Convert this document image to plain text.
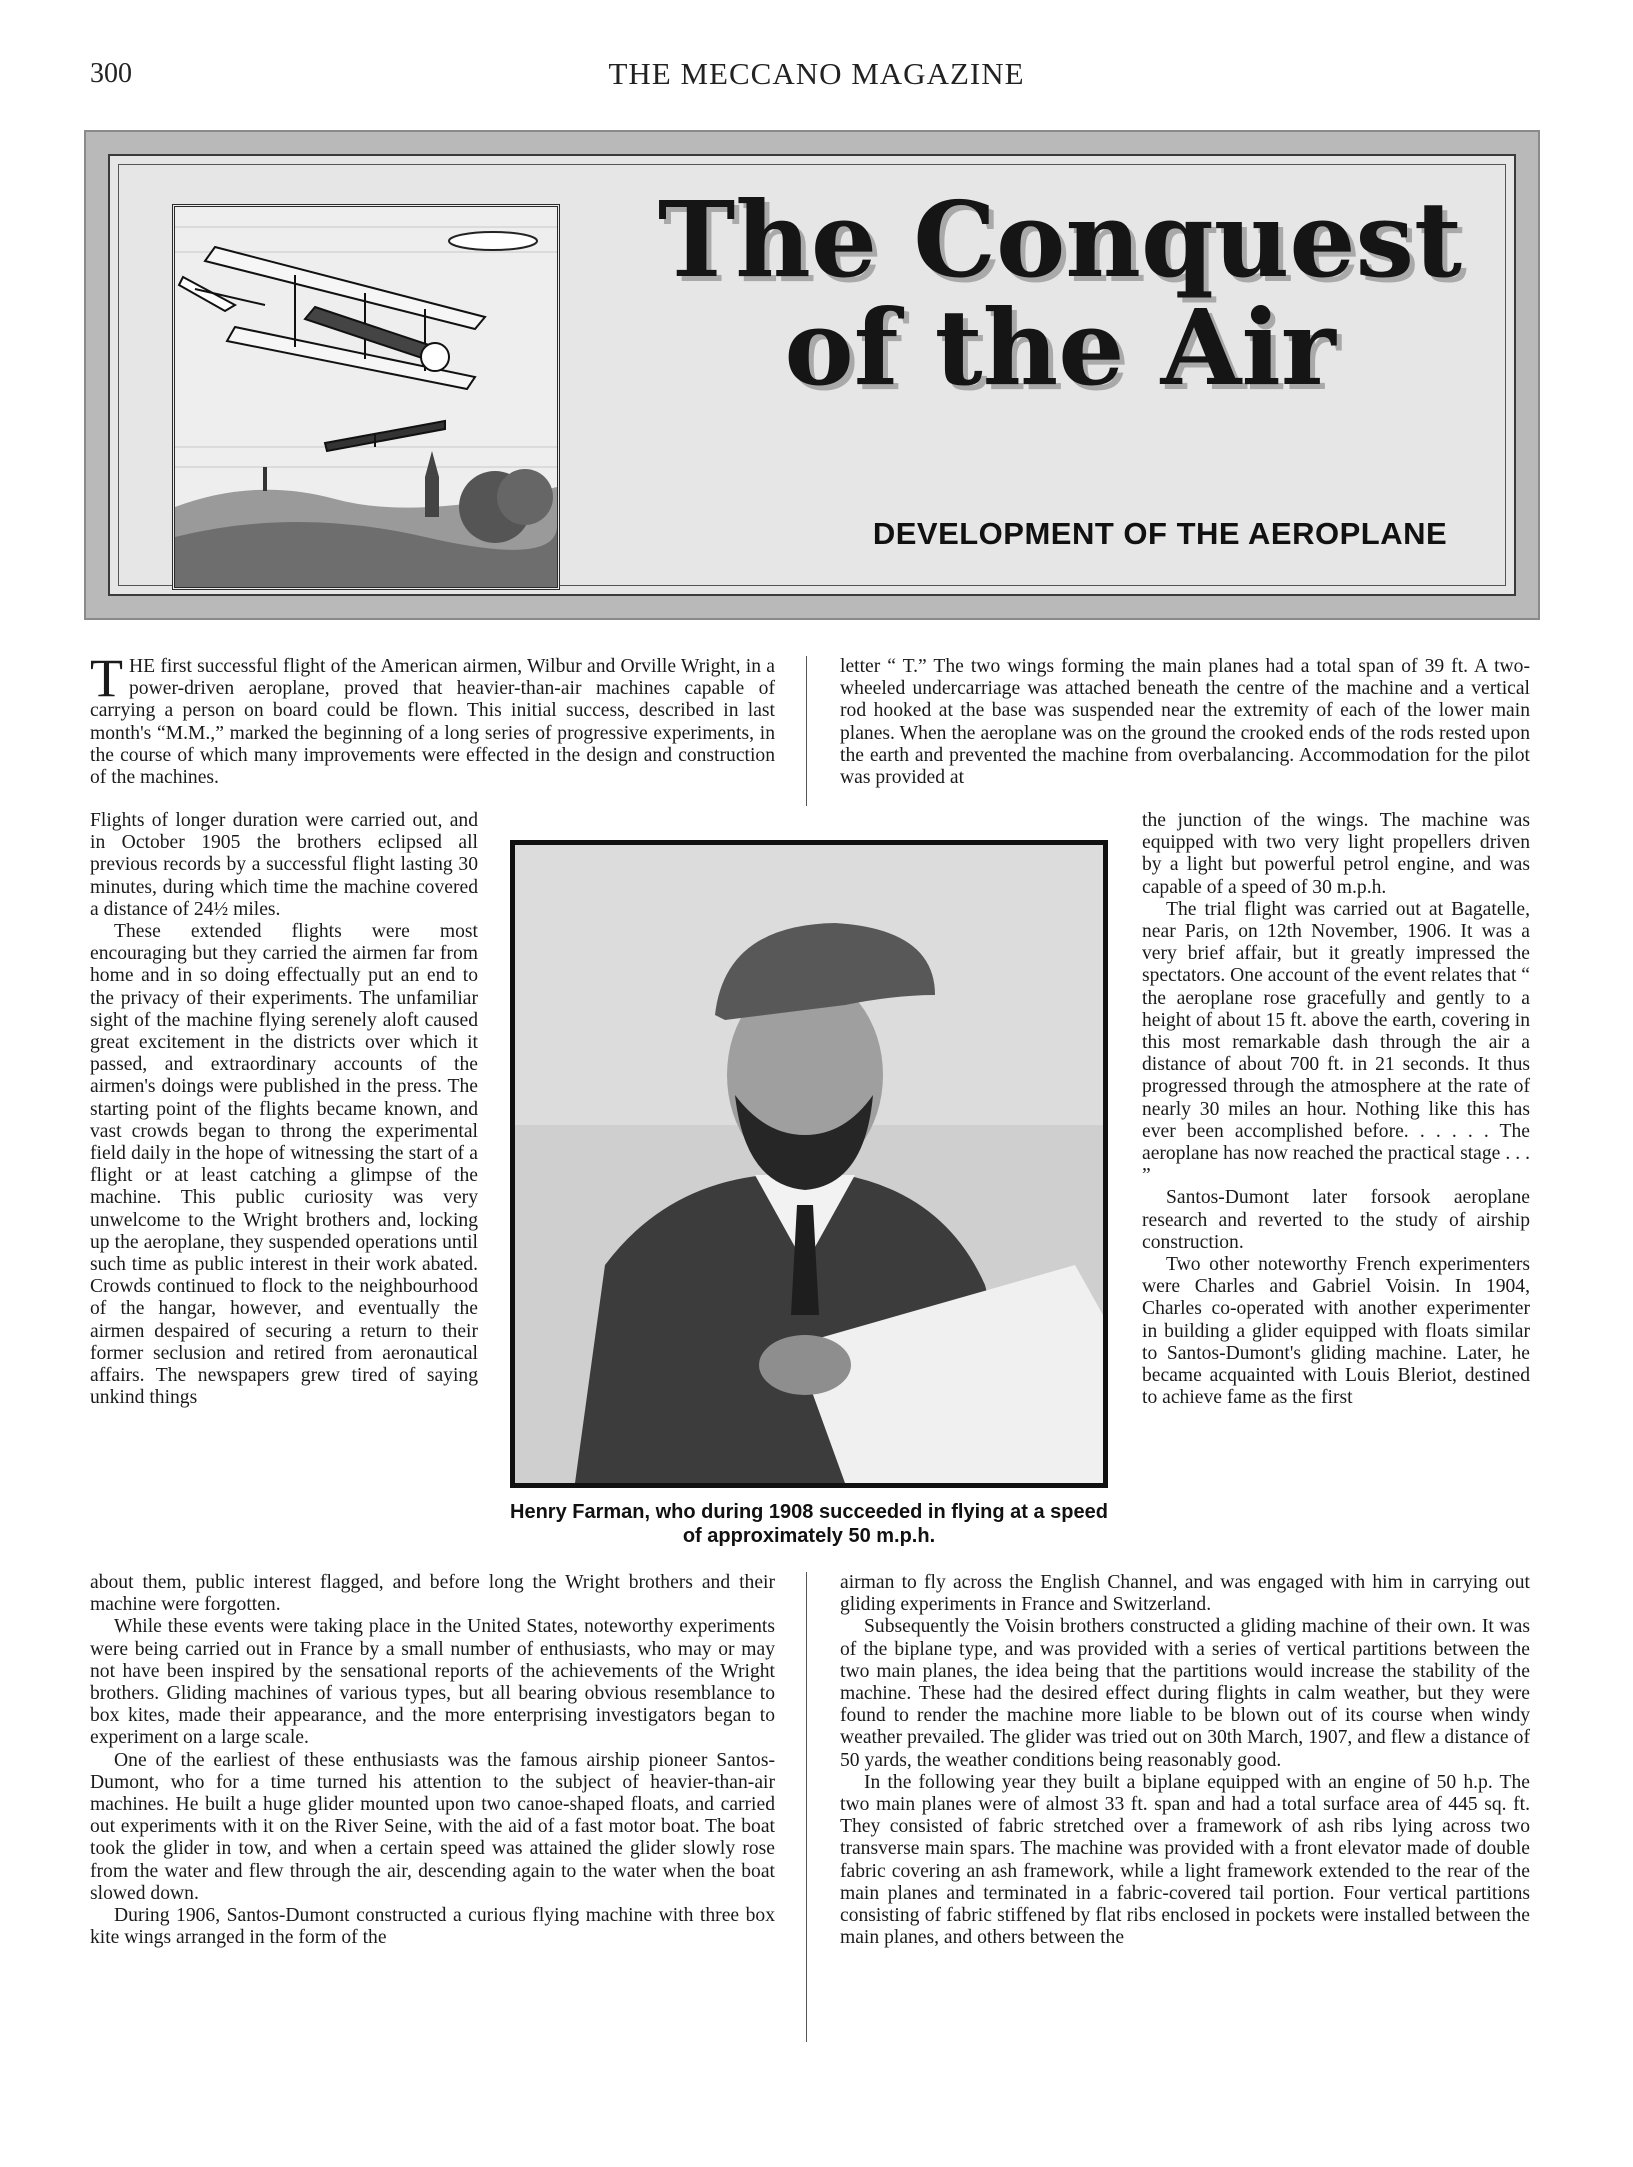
300	THE MECCANO MAGAZINE
The Conquest
of the Air
DEVELOPMENT OF THE AEROPLANE

THE first successful flight of the American airmen, Wilbur and Orville Wright, in a power-driven aeroplane, proved that heavier-than-air machines capable of carrying a person on board could be flown. This initial success, described in last month's “M.M.,” marked the beginning of a long series of progressive experiments, in the course of which many improvements were effected in the design and construction of the machines.

Flights of longer duration were carried out, and in October 1905 the brothers eclipsed all previous records by a successful flight lasting 30 minutes, during which time the machine covered a distance of 24½ miles.

These extended flights were most encouraging but they carried the airmen far from home and in so doing effectually put an end to the privacy of their experiments. The unfamiliar sight of the machine flying serenely aloft caused great excitement in the districts over which it passed, and extraordinary accounts of the airmen's doings were published in the press. The starting point of the flights became known, and vast crowds began to throng the experimental field daily in the hope of witnessing the start of a flight or at least catching a glimpse of the machine. This public curiosity was very unwelcome to the Wright brothers and, locking up the aeroplane, they suspended operations until such time as public interest in their work abated. Crowds continued to flock to the neighbourhood of the hangar, however, and eventually the airmen despaired of securing a return to their former seclusion and retired from aeronautical affairs. The newspapers grew tired of saying unkind things

Henry Farman, who during 1908 succeeded in flying at a speed of approximately 50 m.p.h.

about them, public interest flagged, and before long the Wright brothers and their machine were forgotten.

While these events were taking place in the United States, noteworthy experiments were being carried out in France by a small number of enthusiasts, who may or may not have been inspired by the sensational reports of the achievements of the Wright brothers. Gliding machines of various types, but all bearing obvious resemblance to box kites, made their appearance, and the more enterprising investigators began to experiment on a large scale.

One of the earliest of these enthusiasts was the famous airship pioneer Santos-Dumont, who for a time turned his attention to the subject of heavier-than-air machines. He built a huge glider mounted upon two canoe-shaped floats, and carried out experiments with it on the River Seine, with the aid of a fast motor boat. The boat took the glider in tow, and when a certain speed was attained the glider slowly rose from the water and flew through the air, descending again to the water when the boat slowed down.

During 1906, Santos-Dumont constructed a curious flying machine with three box kite wings arranged in the form of the

letter “ T.” The two wings forming the main planes had a total span of 39 ft. A two-wheeled undercarriage was attached beneath the centre of the machine and a vertical rod hooked at the base was suspended near the extremity of each of the lower main planes. When the aeroplane was on the ground the crooked ends of the rods rested upon the earth and prevented the machine from overbalancing. Accommodation for the pilot was provided at

the junction of the wings. The machine was equipped with two very light propellers driven by a light but powerful petrol engine, and was capable of a speed of 30 m.p.h.

The trial flight was carried out at Bagatelle, near Paris, on 12th November, 1906. It was a very brief affair, but it greatly impressed the spectators. One account of the event relates that “ the aeroplane rose gracefully and gently to a height of about 15 ft. above the earth, covering in this most remarkable dash through the air a distance of about 700 ft. in 21 seconds. It thus progressed through the atmosphere at the rate of nearly 30 miles an hour. Nothing like this has ever been accomplished before. . . . . . The aeroplane has now reached the practical stage . . . ”

Santos-Dumont later forsook aeroplane research and reverted to the study of airship construction.

Two other noteworthy French experimenters were Charles and Gabriel Voisin. In 1904, Charles co-operated with another experimenter in building a glider equipped with floats similar to Santos-Dumont's gliding machine. Later, he became acquainted with Louis Bleriot, destined to achieve fame as the first

airman to fly across the English Channel, and was engaged with him in carrying out gliding experiments in France and Switzerland.

Subsequently the Voisin brothers constructed a gliding machine of their own. It was of the biplane type, and was provided with a series of vertical partitions between the two main planes, the idea being that the partitions would increase the stability of the machine. These had the desired effect during flights in calm weather, but they were found to render the machine more liable to be blown out of its course when windy weather prevailed. The glider was tried out on 30th March, 1907, and flew a distance of 50 yards, the weather conditions being reasonably good.

In the following year they built a biplane equipped with an engine of 50 h.p. The two main planes were of almost 33 ft. span and had a total surface area of 445 sq. ft. They consisted of fabric stretched over a framework of ash ribs lying across two transverse main spars. The machine was provided with a front elevator made of double fabric covering an ash framework, while a light framework extended to the rear of the main planes and terminated in a fabric-covered tail portion. Four vertical partitions consisting of fabric stiffened by flat ribs enclosed in pockets were installed between the main planes, and others between the
